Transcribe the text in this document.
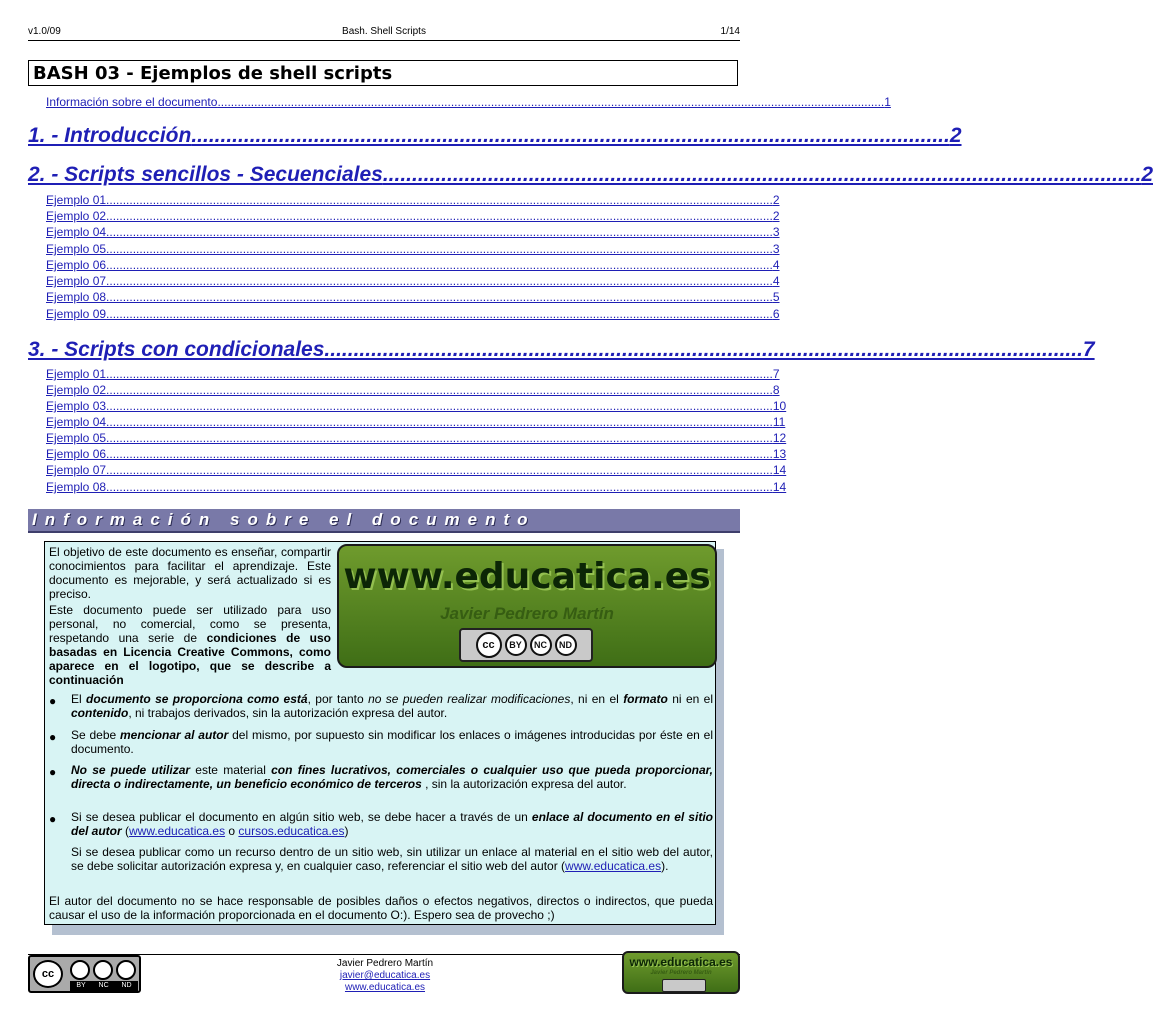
v1.0/09	Bash. Shell Scripts	1/14
BASH 03 - Ejemplos de shell scripts
Información sobre el documento ........................................................................................................................................................................................................ 1
1. - Introducción .................................................................................................................................. 2
2. - Scripts sencillos - Secuenciales .................................................................................................................................. 2
Ejemplo 01 ........................................................................................................................................................................................................ 2
Ejemplo 02 ........................................................................................................................................................................................................ 2
Ejemplo 04 ........................................................................................................................................................................................................ 3
Ejemplo 05 ........................................................................................................................................................................................................ 3
Ejemplo 06 ........................................................................................................................................................................................................ 4
Ejemplo 07 ........................................................................................................................................................................................................ 4
Ejemplo 08 ........................................................................................................................................................................................................ 5
Ejemplo 09 ........................................................................................................................................................................................................ 6
3. - Scripts con condicionales .................................................................................................................................. 7
Ejemplo 01 ........................................................................................................................................................................................................ 7
Ejemplo 02 ........................................................................................................................................................................................................ 8
Ejemplo 03 ........................................................................................................................................................................................................ 10
Ejemplo 04 ........................................................................................................................................................................................................ 11
Ejemplo 05 ........................................................................................................................................................................................................ 12
Ejemplo 06 ........................................................................................................................................................................................................ 13
Ejemplo 07 ........................................................................................................................................................................................................ 14
Ejemplo 08 ........................................................................................................................................................................................................ 14
Información sobre el documento

El objetivo de este documento es enseñar, compartir conocimientos para facilitar el aprendizaje. Este documento es mejorable, y será actualizado si es preciso.

Este documento puede ser utilizado para uso personal, no comercial, como se presenta, respetando una serie de condiciones de uso basadas en Licencia Creative Commons, como aparece en el logotipo, que se describe a continuación

● El documento se proporciona como está, por tanto no se pueden realizar modificaciones, ni en el formato ni en el contenido, ni trabajos derivados, sin la autorización expresa del autor.

● Se debe mencionar al autor del mismo, por supuesto sin modificar los enlaces o imágenes introducidas por éste en el documento.

● No se puede utilizar este material con fines lucrativos, comerciales o cualquier uso que pueda proporcionar, directa o indirectamente, un beneficio económico de terceros , sin la autorización expresa del autor.

● Si se desea publicar el documento en algún sitio web, se debe hacer a través de un enlace al documento en el sitio del autor (www.educatica.es o cursos.educatica.es)

Si se desea publicar como un recurso dentro de un sitio web, sin utilizar un enlace al material en el sitio web del autor, se debe solicitar autorización expresa y, en cualquier caso, referenciar el sitio web del autor (www.educatica.es).

El autor del documento no se hace responsable de posibles daños o efectos negativos, directos o indirectos, que pueda causar el uso de la información proporcionada en el documento O:). Espero sea de provecho ;)

www.educatica.es
Javier Pedrero Martín
cc	BY NC ND
cc
BY NC ND
Javier Pedrero Martín
javier@educatica.es
www.educatica.es
www.educatica.es
Javier Pedrero Martín
